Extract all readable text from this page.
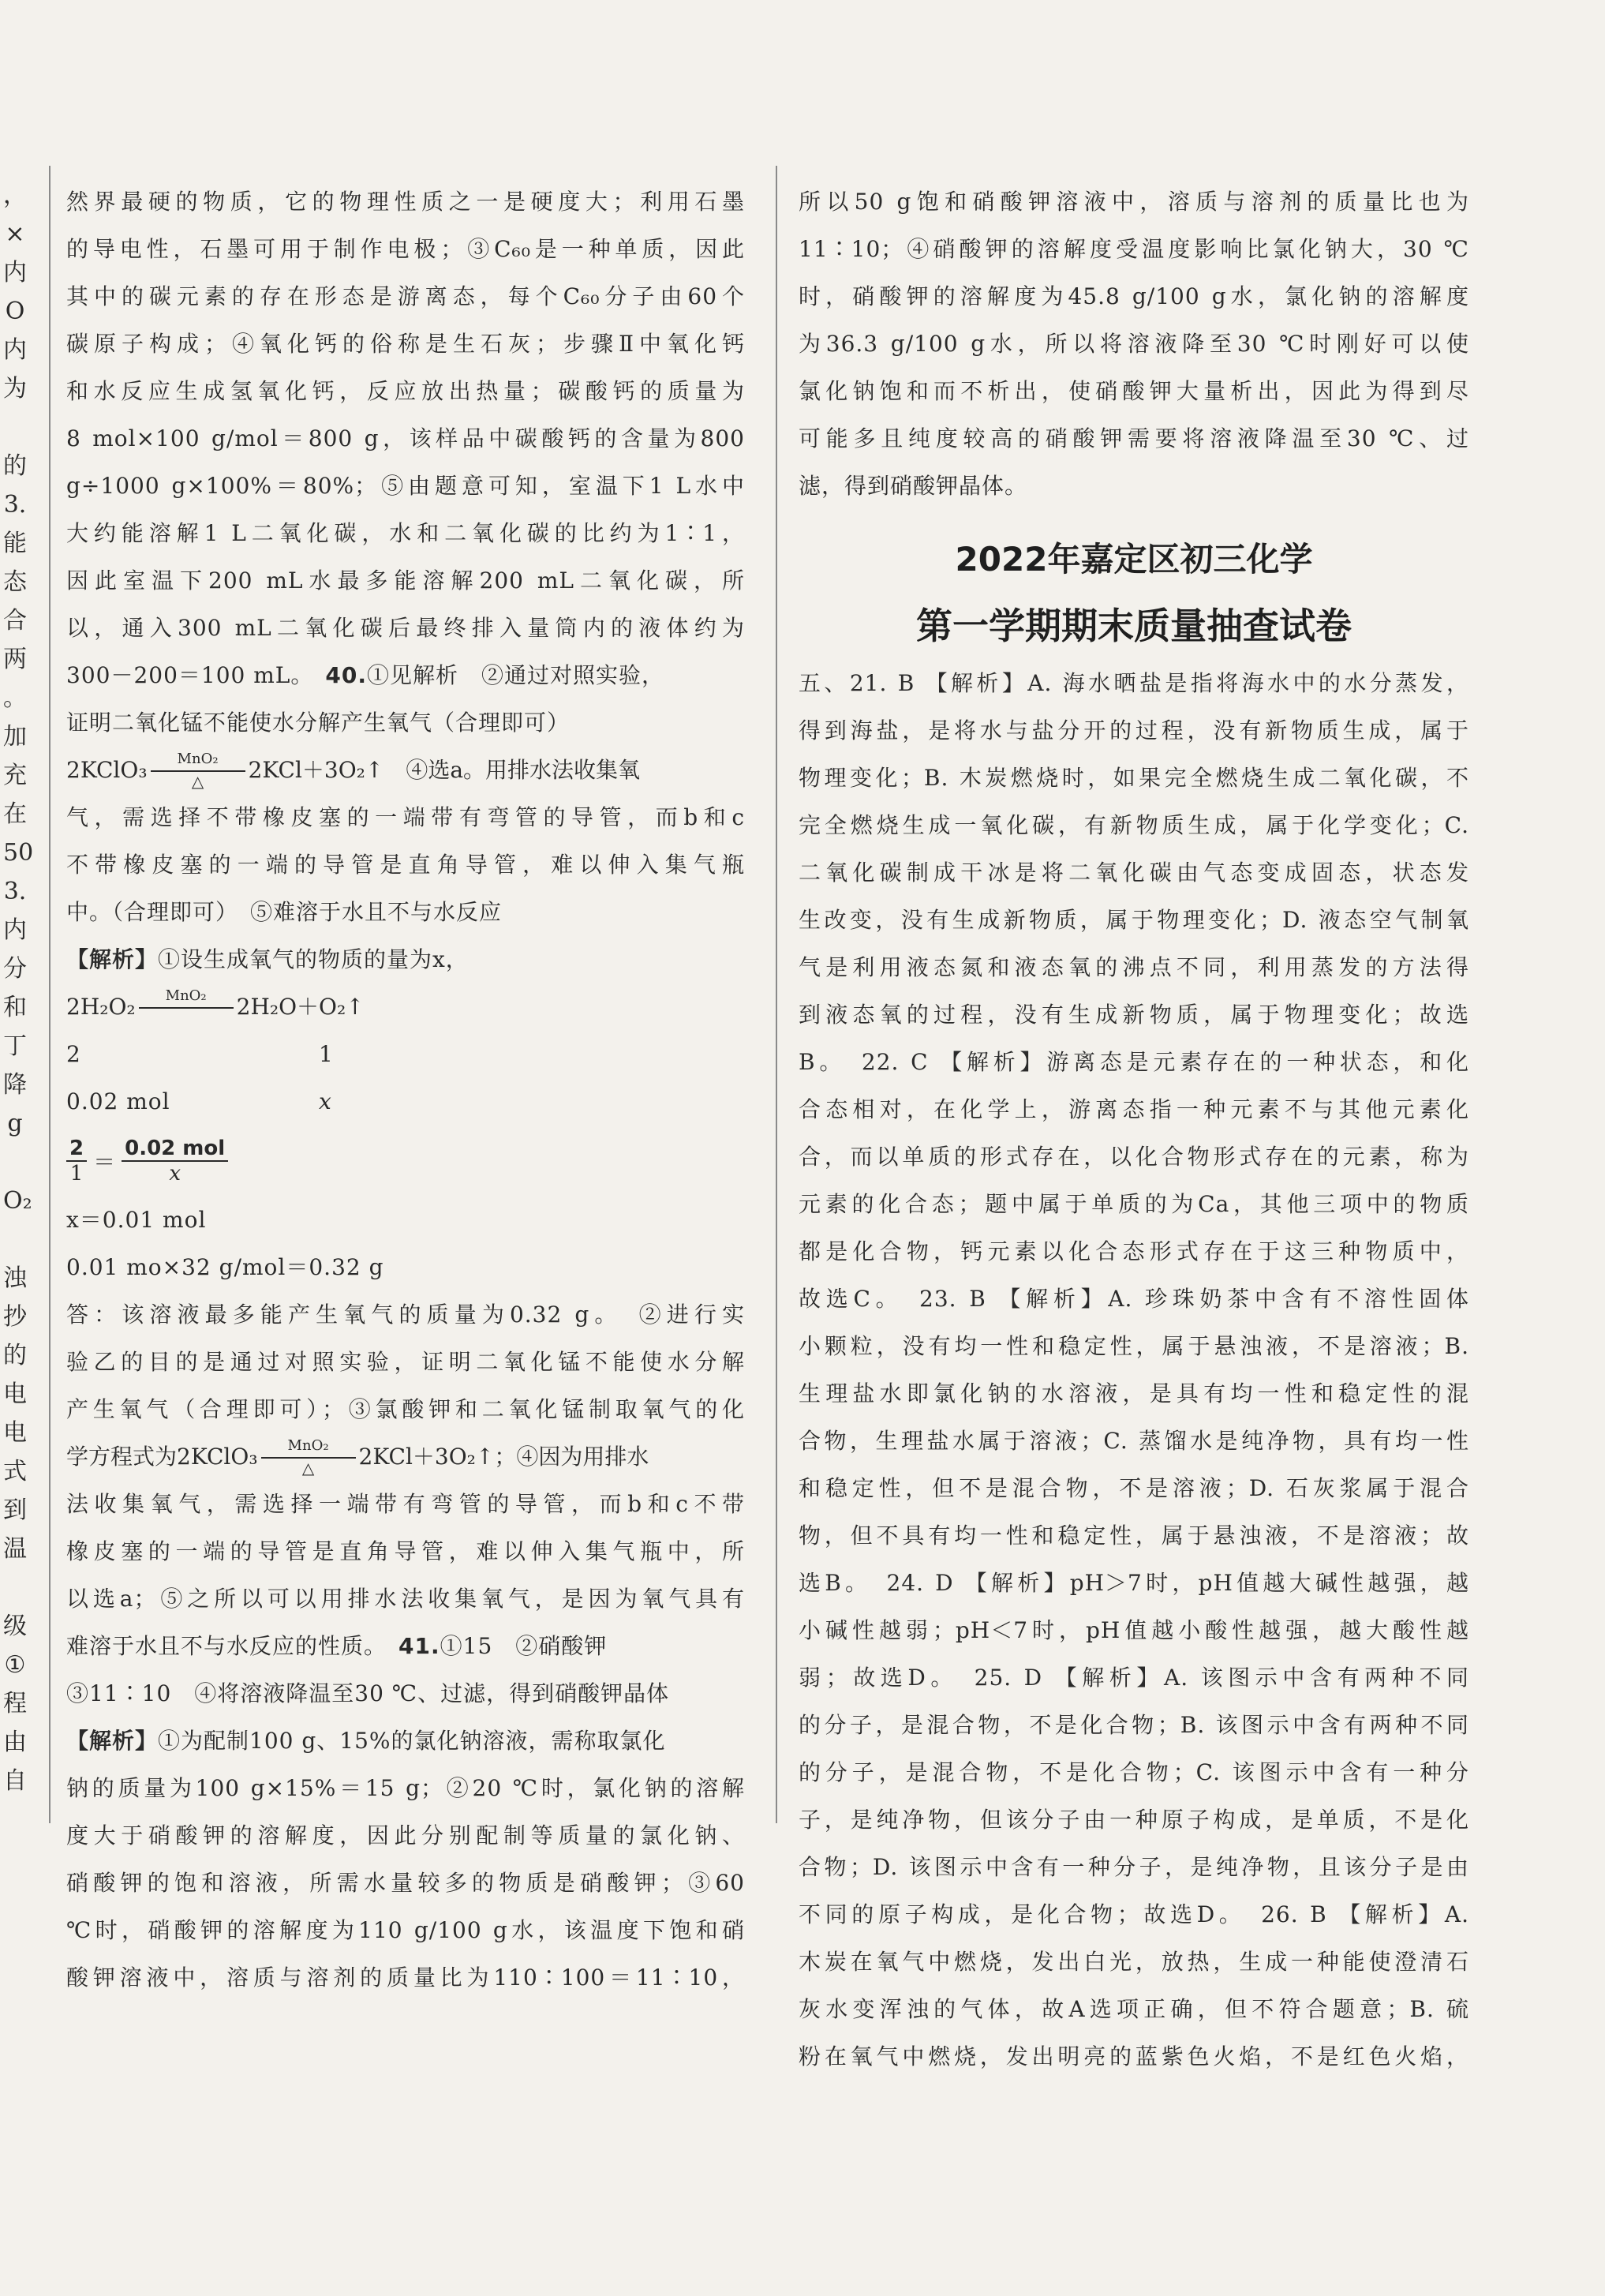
，
×
内
O
内
为
的
3.
能
态
合
两
。
加
充
在
50
3.
内
分
和
丁
降
g
O₂
浊
抄
的
电
电
式
到
温
级
①
程
由
自
然界最硬的物质，它的物理性质之一是硬度大；利用石墨
的导电性，石墨可用于制作电极；③C₆₀是一种单质，因此
其中的碳元素的存在形态是游离态，每个C₆₀分子由60个
碳原子构成；④氧化钙的俗称是生石灰；步骤Ⅱ中氧化钙
和水反应生成氢氧化钙，反应放出热量；碳酸钙的质量为
8 mol×100 g/mol＝800 g，该样品中碳酸钙的含量为800
g÷1000 g×100%＝80%；⑤由题意可知，室温下1 L水中
大约能溶解1 L二氧化碳，水和二氧化碳的比约为1∶1，
因此室温下200 mL水最多能溶解200 mL二氧化碳，所
以，通入300 mL二氧化碳后最终排入量筒内的液体约为
300－200＝100 mL。　 40.①见解析　②通过对照实验，
证明二氧化锰不能使水分解产生氧气（合理即可）
2KClO₃	MnO₂
△	2KCl＋3O₂↑　④选a。用排水法收集氧
气，需选择不带橡皮塞的一端带有弯管的导管，而b和c
不带橡皮塞的一端的导管是直角导管，难以伸入集气瓶
中。（合理即可）　⑤难溶于水且不与水反应
【解析】①设生成氧气的物质的量为x，
2H₂O₂	MnO₂	2H₂O＋O₂↑
2	1
0.02 mol	x
$\frac{2}{1} = \frac{\text{0.02 mol}}{x}$
x＝0.01 mol
0.01 mo×32 g/mol＝0.32 g
答：该溶液最多能产生氧气的质量为0.32 g。　②进行实
验乙的目的是通过对照实验，证明二氧化锰不能使水分解
产生氧气（合理即可）；③氯酸钾和二氧化锰制取氧气的化
学方程式为2KClO₃	MnO₂
△	2KCl＋3O₂↑；④因为用排水
法收集氧气，需选择一端带有弯管的导管，而b和c不带
橡皮塞的一端的导管是直角导管，难以伸入集气瓶中，所
以选a；⑤之所以可以用排水法收集氧气，是因为氧气具有
难溶于水且不与水反应的性质。　 41.①15　②硝酸钾
③11∶10　④将溶液降温至30 ℃、过滤，得到硝酸钾晶体
【解析】①为配制100 g、15%的氯化钠溶液，需称取氯化
钠的质量为100 g×15%＝15 g；②20 ℃时，氯化钠的溶解
度大于硝酸钾的溶解度，因此分别配制等质量的氯化钠、
硝酸钾的饱和溶液，所需水量较多的物质是硝酸钾；③60
℃时，硝酸钾的溶解度为110 g/100 g水，该温度下饱和硝
酸钾溶液中，溶质与溶剂的质量比为110∶100＝11∶10，
所以50 g饱和硝酸钾溶液中，溶质与溶剂的质量比也为
11∶10；④硝酸钾的溶解度受温度影响比氯化钠大，30 ℃
时，硝酸钾的溶解度为45.8 g/100 g水，氯化钠的溶解度
为36.3 g/100 g水，所以将溶液降至30 ℃时刚好可以使
氯化钠饱和而不析出，使硝酸钾大量析出，因此为得到尽
可能多且纯度较高的硝酸钾需要将溶液降温至30 ℃、过
滤，得到硝酸钾晶体。
2022年嘉定区初三化学
第一学期期末质量抽查试卷
五、21. B 【解析】A. 海水晒盐是指将海水中的水分蒸发，
得到海盐，是将水与盐分开的过程，没有新物质生成，属于
物理变化；B. 木炭燃烧时，如果完全燃烧生成二氧化碳，不
完全燃烧生成一氧化碳，有新物质生成，属于化学变化；C.
二氧化碳制成干冰是将二氧化碳由气态变成固态，状态发
生改变，没有生成新物质，属于物理变化；D. 液态空气制氧
气是利用液态氮和液态氧的沸点不同，利用蒸发的方法得
到液态氧的过程，没有生成新物质，属于物理变化；故选
B。　22. C 【解析】游离态是元素存在的一种状态，和化
合态相对，在化学上，游离态指一种元素不与其他元素化
合，而以单质的形式存在，以化合物形式存在的元素，称为
元素的化合态；题中属于单质的为Ca，其他三项中的物质
都是化合物，钙元素以化合态形式存在于这三种物质中，
故选C。　23. B 【解析】A. 珍珠奶茶中含有不溶性固体
小颗粒，没有均一性和稳定性，属于悬浊液，不是溶液；B.
生理盐水即氯化钠的水溶液，是具有均一性和稳定性的混
合物，生理盐水属于溶液；C. 蒸馏水是纯净物，具有均一性
和稳定性，但不是混合物，不是溶液；D. 石灰浆属于混合
物，但不具有均一性和稳定性，属于悬浊液，不是溶液；故
选B。　24. D 【解析】pH＞7时，pH值越大碱性越强，越
小碱性越弱；pH＜7时，pH值越小酸性越强，越大酸性越
弱；故选D。　25. D 【解析】A. 该图示中含有两种不同
的分子，是混合物，不是化合物；B. 该图示中含有两种不同
的分子，是混合物，不是化合物；C. 该图示中含有一种分
子，是纯净物，但该分子由一种原子构成，是单质，不是化
合物；D. 该图示中含有一种分子，是纯净物，且该分子是由
不同的原子构成，是化合物；故选D。　26. B 【解析】A.
木炭在氧气中燃烧，发出白光，放热，生成一种能使澄清石
灰水变浑浊的气体，故A选项正确，但不符合题意；B. 硫
粉在氧气中燃烧，发出明亮的蓝紫色火焰，不是红色火焰，
